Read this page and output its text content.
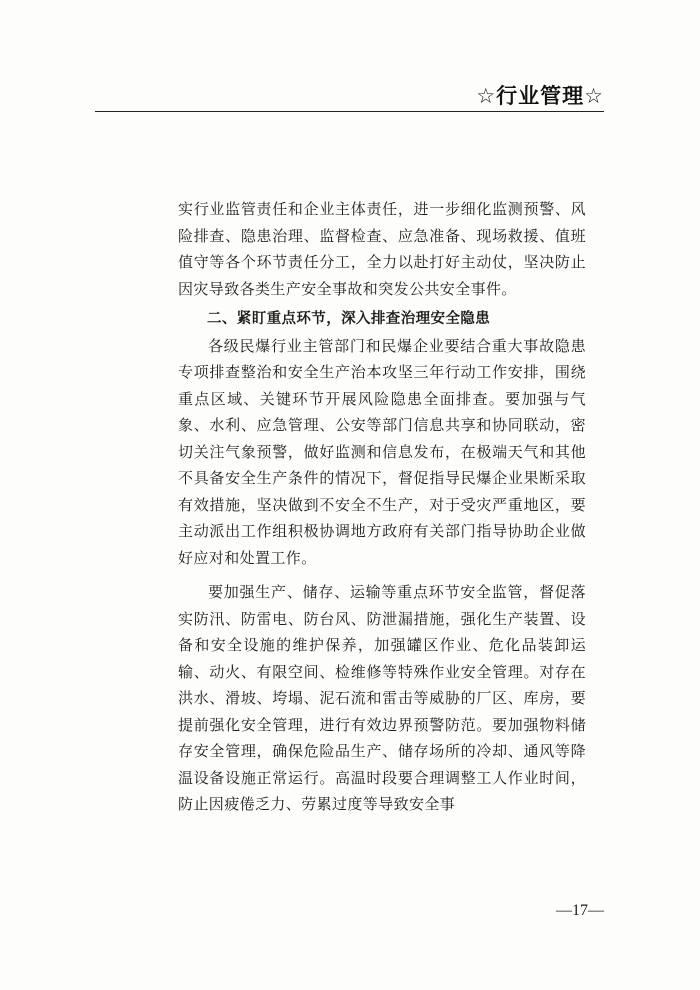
☆行业管理☆

实行业监管责任和企业主体责任，进一步细化监测预警、风险排查、隐患治理、监督检查、应急准备、现场救援、值班值守等各个环节责任分工，全力以赴打好主动仗，坚决防止因灾导致各类生产安全事故和突发公共安全事件。

二、紧盯重点环节，深入排查治理安全隐患

各级民爆行业主管部门和民爆企业要结合重大事故隐患专项排查整治和安全生产治本攻坚三年行动工作安排，围绕重点区域、关键环节开展风险隐患全面排查。要加强与气象、水利、应急管理、公安等部门信息共享和协同联动，密切关注气象预警，做好监测和信息发布，在极端天气和其他不具备安全生产条件的情况下，督促指导民爆企业果断采取有效措施，坚决做到不安全不生产，对于受灾严重地区，要主动派出工作组积极协调地方政府有关部门指导协助企业做好应对和处置工作。

要加强生产、储存、运输等重点环节安全监管，督促落实防汛、防雷电、防台风、防泄漏措施，强化生产装置、设备和安全设施的维护保养，加强罐区作业、危化品装卸运输、动火、有限空间、检维修等特殊作业安全管理。对存在洪水、滑坡、垮塌、泥石流和雷击等威胁的厂区、库房，要提前强化安全管理，进行有效边界预警防范。要加强物料储存安全管理，确保危险品生产、储存场所的冷却、通风等降温设备设施正常运行。高温时段要合理调整工人作业时间，防止因疲倦乏力、劳累过度等导致安全事

—17—
